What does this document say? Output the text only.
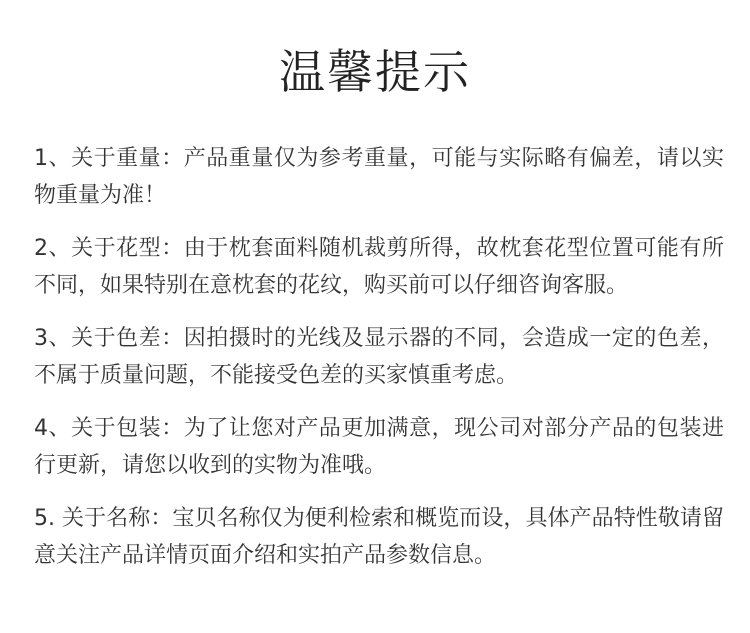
温馨提示
1、关于重量：产品重量仅为参考重量，可能与实际略有偏差，请以实物重量为准！
2、关于花型：由于枕套面料随机裁剪所得，故枕套花型位置可能有所不同，如果特别在意枕套的花纹，购买前可以仔细咨询客服。
3、关于色差：因拍摄时的光线及显示器的不同，会造成一定的色差，不属于质量问题，不能接受色差的买家慎重考虑。
4、关于包装：为了让您对产品更加满意，现公司对部分产品的包装进行更新，请您以收到的实物为准哦。
5. 关于名称：宝贝名称仅为便利检索和概览而设，具体产品特性敬请留意关注产品详情页面介绍和实拍产品参数信息。
